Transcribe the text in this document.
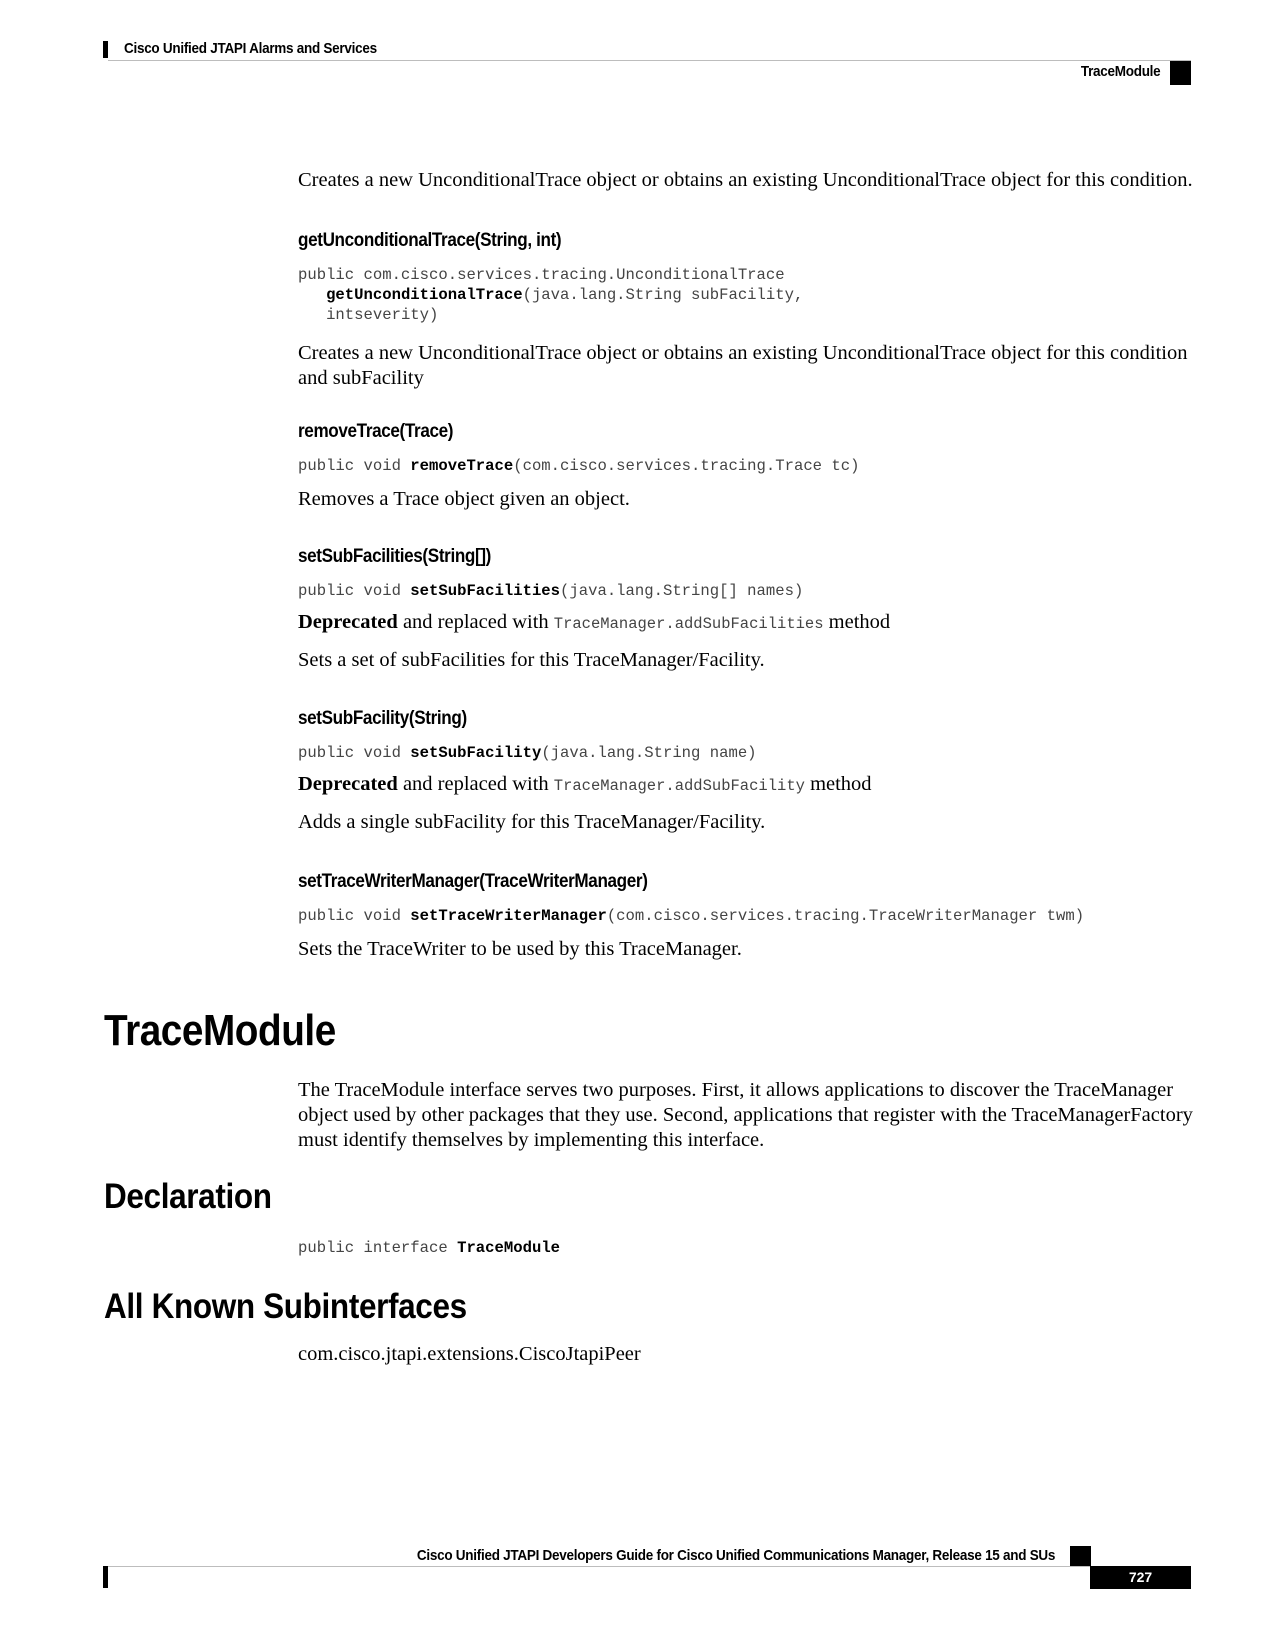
Cisco Unified JTAPI Alarms and Services
TraceModule

Creates a new UnconditionalTrace object or obtains an existing UnconditionalTrace object for this condition.

getUnconditionalTrace(String, int)
public com.cisco.services.tracing.UnconditionalTrace
getUnconditionalTrace(java.lang.String subFacility,
intseverity)

Creates a new UnconditionalTrace object or obtains an existing UnconditionalTrace object for this condition and subFacility

removeTrace(Trace)
public void removeTrace(com.cisco.services.tracing.Trace tc)

Removes a Trace object given an object.

setSubFacilities(String[])
public void setSubFacilities(java.lang.String[] names)

Deprecated and replaced with TraceManager.addSubFacilities method

Sets a set of subFacilities for this TraceManager/Facility.

setSubFacility(String)
public void setSubFacility(java.lang.String name)

Deprecated and replaced with TraceManager.addSubFacility method

Adds a single subFacility for this TraceManager/Facility.

setTraceWriterManager(TraceWriterManager)
public void setTraceWriterManager(com.cisco.services.tracing.TraceWriterManager twm)

Sets the TraceWriter to be used by this TraceManager.

TraceModule

The TraceModule interface serves two purposes. First, it allows applications to discover the TraceManager object used by other packages that they use. Second, applications that register with the TraceManagerFactory must identify themselves by implementing this interface.

Declaration
public interface TraceModule
All Known Subinterfaces

com.cisco.jtapi.extensions.CiscoJtapiPeer

Cisco Unified JTAPI Developers Guide for Cisco Unified Communications Manager, Release 15 and SUs
727
